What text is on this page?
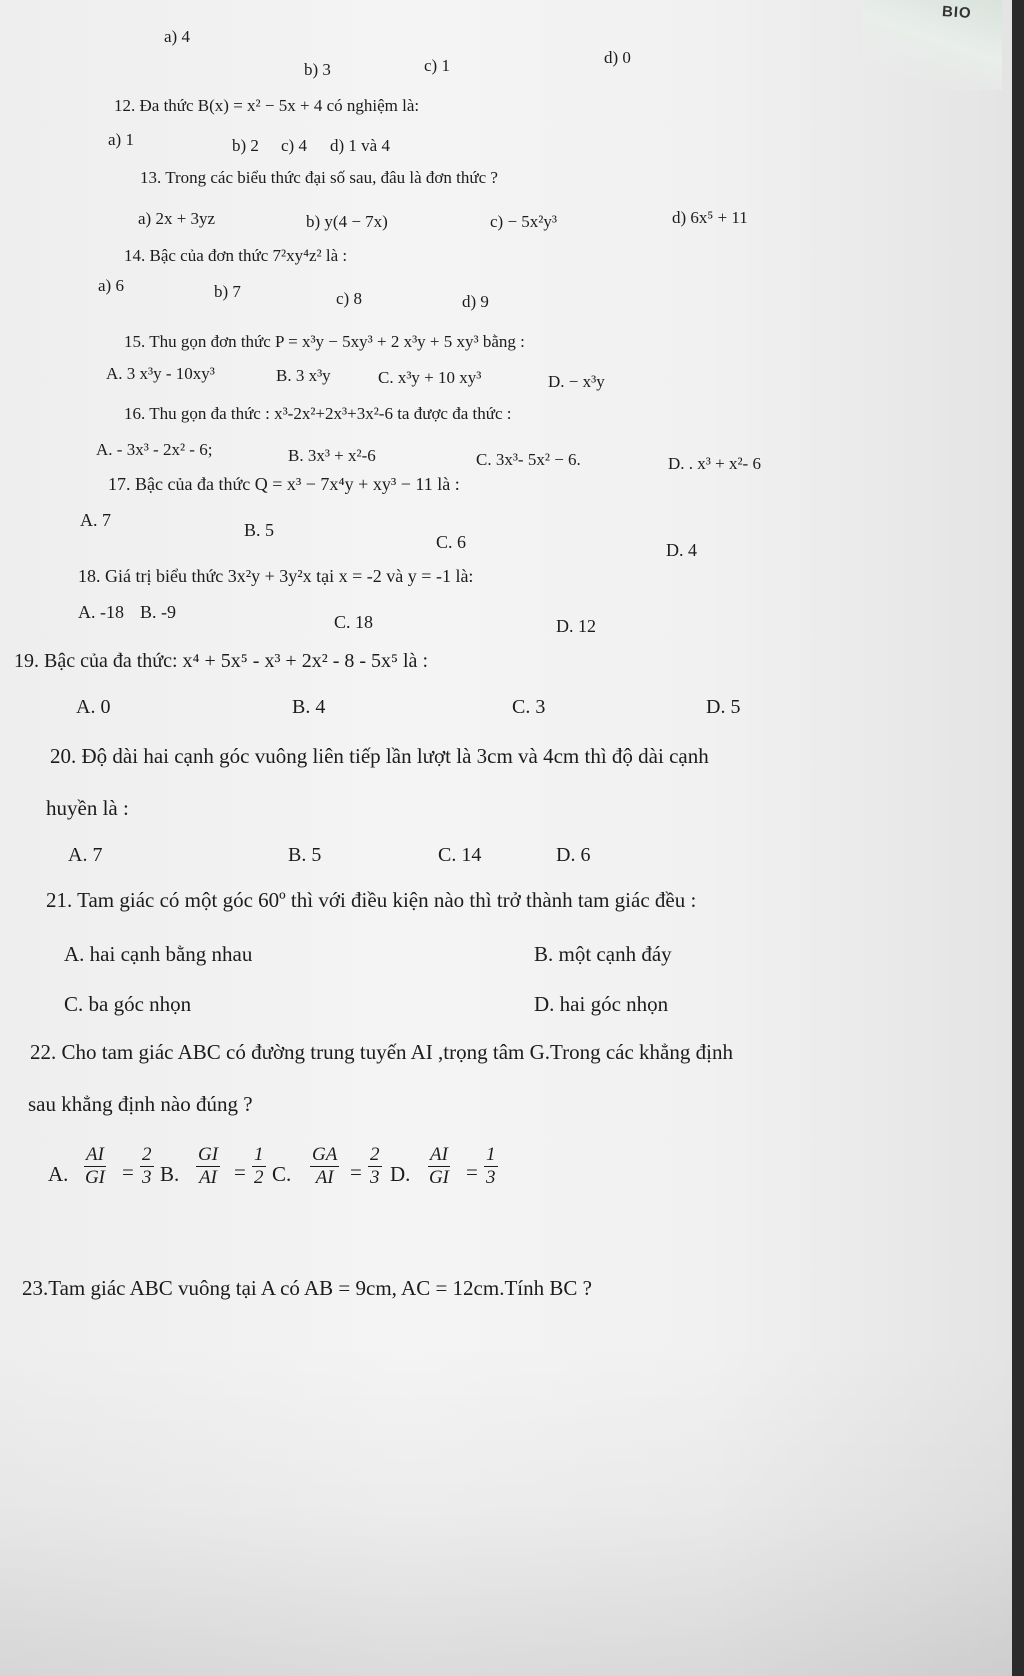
BIO
a) 4
b) 3	c) 1	d) 0
12. Đa thức B(x) = x² − 5x + 4 có nghiệm là:
a) 1	b) 2 c) 4 d) 1 và 4
13. Trong các biểu thức đại số sau, đâu là đơn thức ?
a) 2x + 3yz	b) y(4 − 7x)	c) − 5x²y³	d) 6x⁵ + 11
14. Bậc của đơn thức 7²xy⁴z² là :
a) 6	b) 7	c) 8	d) 9
15. Thu gọn đơn thức P = x³y − 5xy³ + 2 x³y + 5 xy³ bằng :
A. 3 x³y - 10xy³	B. 3 x³y	C. x³y + 10 xy³	D. − x³y
16. Thu gọn đa thức : x³-2x²+2x³+3x²-6 ta được đa thức :
A. - 3x³ - 2x² - 6;	B. 3x³ + x²-6	C. 3x³- 5x² − 6.	D. . x³ + x²- 6
17. Bậc của đa thức Q = x³ − 7x⁴y + xy³ − 11 là :
A. 7	B. 5
C. 6	D. 4
18. Giá trị biểu thức 3x²y + 3y²x tại x = -2 và y = -1 là:
A. -18 B. -9	C. 18	D. 12
19. Bậc của đa thức: x⁴ + 5x⁵ - x³ + 2x² - 8 - 5x⁵ là :
A. 0	B. 4	C. 3	D. 5
20. Độ dài hai cạnh góc vuông liên tiếp lần lượt là 3cm và 4cm thì độ dài cạnh
huyền là :
A. 7	B. 5	C. 14	D. 6
21. Tam giác có một góc 60º thì với điều kiện nào thì trở thành tam giác đều :
A. hai cạnh bằng nhau	B. một cạnh đáy
C. ba góc nhọn	D. hai góc nhọn
22. Cho tam giác ABC có đường trung tuyến AI ,trọng tâm G.Trong các khẳng định
sau khẳng định nào đúng ?
A. $\frac{AI}{GI} = \frac{2}{3} B$. $\frac{GI}{AI} = \frac{1}{2} C$. $\frac{GA}{AI} = \frac{2}{3} D$. $\frac{AI}{GI} = \frac{1}{3}$
23.Tam giác ABC vuông tại A có AB = 9cm, AC = 12cm.Tính BC ?
